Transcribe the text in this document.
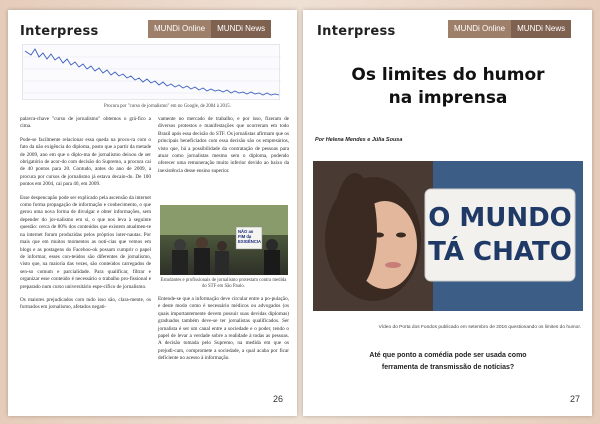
Interpress	MUNDi Online	MUNDi News
Procura por "curso de jornalismo" em no Google, de 2004 à 2015.

palavra-chave "curso de jornalismo" obtemos o grá-fico a cima.

Pode-se facilmente relacionar essa queda na procu-ra com o fato da não exigência do diploma, posto que a partir da metade de 2009, ano em que o diplo-ma de jornalismo deixou de ser obrigatório de acor-do com decisão do Supremo, a procura cai de 40 pontos para 20. Contudo, antes do ano de 2009, a procura por cursos de jornalismo já estava decain-do. De 100 pontos em 2004, cai para 40, em 2009.

Esse despencapão pode ser explicado pela ascensão da internet como forma propagação de informação e conhecimento, o que gerou uma nova forma de divulgar e obter informações, sem depender do jor-nalismo em si, o que nos leva à seguinte questão: cerca de 80% dos conteúdos que existem atualmen-te na internet foram produzidas pelos próprios inter-nautas. Por mais que em muitos momentos as notí-cias que vemos em blogs e as postagens do Faceboo-ok possam cumprir o papel de informar, esses con-teúdos são diferentes de jornalismo, visto que, na maioria das vezes, são conteúdos carregados de sen-so comum e parcialidade. Para qualificar, filtrar e organizar esse conteúdo é necessário o trabalho pro-fissional e preparado num curso universitário espe-cífico de jornalismo.

Os maiores prejudicados com tudo isso são, clara-mente, os formados em jornalismo, afetados negati-

vamente no mercado de trabalho, e por isso, fizeram de diversos protestos e manifestações que ocorreram em todo Brasil após essa decisão do STF. Os jornalistas afirmam que os principais beneficiados com essa decisão são os empresários, visto que, há a possibilidade da contratação de pessoas para atuar como jornalistas mesmo sem o diploma, podendo oferecer uma remuneração muito inferior devido ao baixo da inexistência desse ensino superior.

NÃO ao FIM da EXIGÊNCIA
Estudantes e profissionais de jornalismo protestam contra medida do STF em São Paulo.

Entende-se que a informação deve circular entre a po-pulação, e deste modo como é necessário médicos ou advogados (os quais importantemente devem possuir suas devidas diplomas) graduados também deve-se ter jornalistas qualificados. Ser jornalista é ser um canal entre a sociedade e o poder, tendo o papel de levar a verdade sobre a realidade à todas as pessoas. A decisão tomada pelo Supremo, na medida em que os prejudi-cam, compromete a sociedade, a qual acaba por ficar deficiente no acesso à informação.

26
Interpress	MUNDi Online	MUNDi News
Os limites do humor
na imprensa
Por Helena Mendes e Júlia Sousa
O MUNDO
TÁ CHATO
Vídeo do Porta dos Fundos publicado em setembro de 2016 questionando os limites do humor.
Até que ponto a comédia pode ser usada como
ferramenta de transmissão de notícias?
27
